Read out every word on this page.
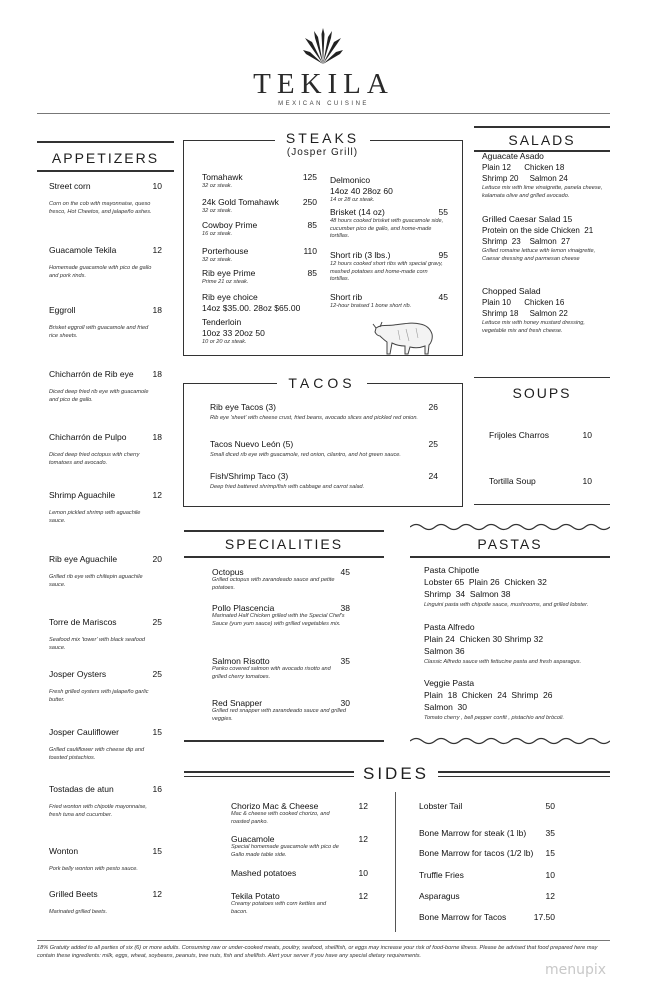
TEKILA
MEXICAN CUISINE
APPETIZERS
Street corn	10
Corn on the cob with mayonnaise, queso fresco, Hot Cheetos, and jalapeño ashes.
Guacamole Tekila	12
Homemade guacamole with pico de gallo and pork rinds.
Eggroll	18
Brisket eggroll with guacamole and fried rice sheets.
Chicharrón de Rib eye	18
Diced deep fried rib eye with guacamole and pico de gallo.
Chicharrón de Pulpo	18
Diced deep fried octopus with cherry tomatoes and avocado.
Shrimp Aguachile	12
Lemon pickled shrimp with aguachile sauce.
Rib eye Aguachile	20
Grilled rib eye with chiltepin aguachile sauce.
Torre de Mariscos	25
Seafood mix 'tower' with black seafood sauce.
Josper Oysters	25
Fresh grilled oysters with jalapeño garlic butter.
Josper Cauliflower	15
Grilled cauliflower with cheese dip and toasted pistachios.
Tostadas de atun	16
Fried wonton with chipotle mayonnaise, fresh tuna and cucumber.
Wonton	15
Pork belly wonton with pesto sauce.
Grilled Beets	12
Marinated grilled beets.
STEAKS
(Josper Grill)
Tomahawk	125
32 oz steak.
24k Gold Tomahawk	250
32 oz steak.
Cowboy Prime	85
16 oz steak.
Porterhouse	110
32 oz steak.
Rib eye Prime	85
Prime 21 oz steak.
Rib eye choice
14oz $35.00. 28oz $65.00
Tenderloin
10oz 33 20oz 50
10 or 20 oz steak.
Delmonico
14oz 40 28oz 60
14 or 28 oz steak.
Brisket (14 oz)	55
48 hours cooked brisket with guacamole side, cucumber pico de gallo, and home-made tortillas.
Short rib (3 lbs.)	95
12 hours cooked short ribs with special gravy, mashed potatoes and home-made corn tortillas.
Short rib	45
12-hour braised 1 bone short rib.
SALADS
Aguacate Asado
Plain 12      Chicken 18
Shrimp 20     Salmon 24
Lettuce mix with lime vinaigrette, panela cheese, kalamata olive and grilled avocado.
Grilled Caesar Salad 15
Protein on the side Chicken  21
Shrimp  23    Salmon  27
Grilled romaine lettuce with lemon vinaigrette, Caesar dressing and parmesan cheese
Chopped Salad
Plain 10      Chicken 16
Shrimp 18     Salmon 22
Lettuce mix with honey mustard dressing, vegetable mix and fresh cheese.
TACOS
Rib eye Tacos (3)	26
Rib eye 'sheet' with cheese crust, fried beans, avocado slices and pickled red onion.
Tacos Nuevo León (5)	25
Small diced rib eye with guacamole, red onion, cilantro, and hot green sauce.
Fish/Shrimp Taco (3)	24
Deep fried battered shrimp/fish with cabbage and carrot salad.
SOUPS
Frijoles Charros	10
Tortilla Soup	10
SPECIALITIES
Octopus	45
Grilled octopus with zarandeado sauce and petite potatoes.
Pollo Plascencia	38
Marinated Half Chicken grilled with the Special Chef's Sauce (yum yum sauce) with grilled vegetables mix.
Salmon Risotto	35
Panko covered salmon with avocado risotto and grilled cherry tomatoes.
Red Snapper	30
Grilled red snapper with zarandeado sauce and grilled veggies.
PASTAS
Pasta Chipotle
Lobster 65  Plain 26  Chicken 32
Shrimp  34  Salmon 38
Linguini pasta with chipotle sauce, mushrooms, and grilled lobster.
Pasta Alfredo
Plain 24  Chicken 30 Shrimp 32
Salmon 36
Classic Alfredo sauce with fettucine pasta and fresh asparagus.
Veggie Pasta
Plain  18  Chicken  24  Shrimp  26
Salmon  30
Tomato cherry , bell pepper confit , pistachio and bròcoli.
SIDES
Chorizo Mac & Cheese	12
Mac & cheese with cooked chorizo, and roasted panko.
Guacamole	12
Special homemade guacamole with pico de Gallo made table side.
Mashed potatoes	10
Tekila Potato	12
Creamy potatoes with corn kettles and bacon.
Lobster Tail	50
Bone Marrow for steak (1 lb)	35
Bone Marrow for tacos (1/2 lb)	15
Truffle Fries	10
Asparagus	12
Bone Marrow for Tacos	17.50
18% Gratuity added to all parties of six (6) or more adults. Consuming raw or under-cooked meats, poultry, seafood, shellfish, or eggs may increase your risk of food-borne illness. Please be advised that food prepared here may contain these ingredients: milk, eggs, wheat, soybeans, peanuts, tree nuts, fish and shellfish. Alert your server if you have any special dietary requirements.
menupix
